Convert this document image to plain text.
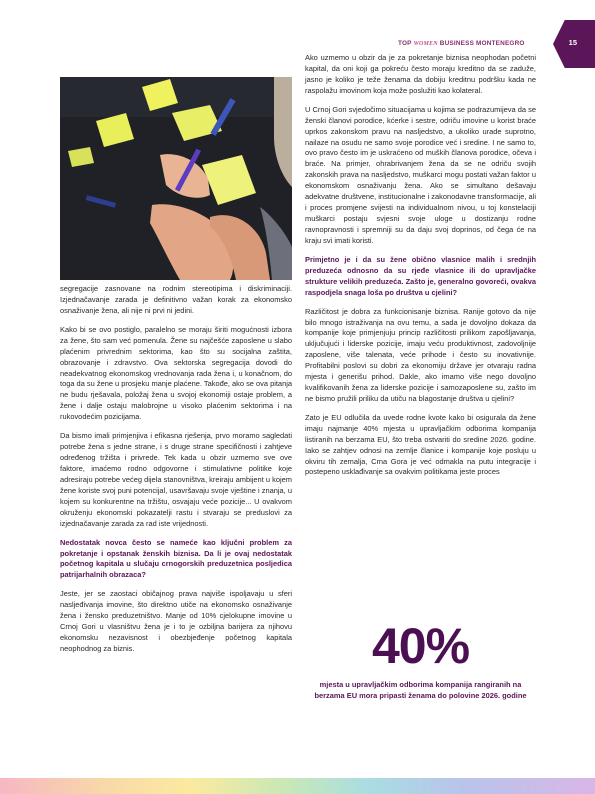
15
TOP WOMEN BUSINESS MONTENEGRO

segregacije zasnovane na rodnim stereotipima i diskriminaciji. Izjednačavanje zarada je definitivno važan korak za ekonomsko osnaživanje žena, ali nije ni prvi ni jedini.

Kako bi se ovo postiglo, paralelno se moraju širiti mogućnosti izbora za žene, što sam već pomenula. Žene su najčešće zaposlene u slabo plaćenim privrednim sektorima, kao što su socijalna zaštita, obrazovanje i zdravstvo. Ova sektorska segregacija dovodi do neadekvatnog ekonomskog vrednovanja rada žena i, u konačnom, do toga da su žene u prosjeku manje plaćene. Takođe, ako se ova pitanja ne budu rješavala, položaj žena u svojoj ekonomiji ostaje problem, a žene i dalje ostaju malobrojne u visoko plaćenim sektorima i na rukovodećim pozicijama.

Da bismo imali primjenjiva i efikasna rješenja, prvo moramo sagledati potrebe žena s jedne strane, i s druge strane specifičnosti i zahtjeve određenog tržišta i privrede. Tek kada u obzir uzmemo sve ove faktore, imaćemo rodno odgovorne i stimulativne politike koje adresiraju potrebe većeg dijela stanovništva, kreiraju ambijent u kojem žene koriste svoj puni potencijal, usavršavaju svoje vještine i znanja, u kojem su konkurentne na tržištu, osvajaju veće pozicije... U ovakvom okruženju ekonomski pokazatelji rastu i stvaraju se preduslovi za izjednačavanje zarada za rad iste vrijednosti.

Nedostatak novca često se nameće kao ključni problem za pokretanje i opstanak ženskih biznisa. Da li je ovaj nedostatak početnog kapitala u slučaju crnogorskih preduzetnica posljedica patrijarhalnih obrazaca?

Jeste, jer se zaostaci običajnog prava najviše ispoljavaju u sferi nasljeđivanja imovine, što direktno utiče na ekonomsko osnaživanje žena i žensko preduzetništvo. Manje od 10% cjelokupne imovine u Crnoj Gori u vlasništvu žena je i to je ozbiljna barijera za njihovu ekonomsku nezavisnost i obezbjeđenje početnog kapitala neophodnog za biznis.

Ako uzmemo u obzir da je za pokretanje biznisa neophodan početni kapital, da oni koji ga pokreću često moraju kreditno da se zaduže, jasno je koliko je teže ženama da dobiju kreditnu podršku kada ne raspolažu imovinom koja može poslužiti kao kolateral.

U Crnoj Gori svjedočimo situacijama u kojima se podrazumijeva da se ženski članovi porodice, kćerke i sestre, odriču imovine u korist braće uprkos zakonskom pravu na nasljedstvo, a ukoliko urade suprotno, nailaze na osudu ne samo svoje porodice već i sredine. I ne samo to, ovo pravo često im je uskraćeno od muških članova porodice, očeva i braće. Na primjer, ohrabrivanjem žena da se ne odriču svojih zakonskih prava na nasljedstvo, muškarci mogu postati važan faktor u ekonomskom osnaživanju žena. Ako se simultano dešavaju adekvatne društvene, institucionalne i zakonodavne transformacije, ali i proces promjene svijesti na individualnom nivou, u toj konstelaciji muškarci postaju svjesni svoje uloge u dostizanju rodne ravnopravnosti i spremniji su da daju svoj doprinos, od čega će na kraju svi imati koristi.

Primjetno je i da su žene obično vlasnice malih i srednjih preduzeća odnosno da su rjeđe vlasnice ili do upravljačke strukture velikih preduzeća. Zašto je, generalno govoreći, ovakva raspodjela snaga loša po društva u cjelini?

Različitost je dobra za funkcionisanje biznisa. Ranije gotovo da nije bilo mnogo istraživanja na ovu temu, a sada je dovoljno dokaza da kompanije koje primjenjuju princip različitosti prilikom zapošljavanja, uključujući i liderske pozicije, imaju veću produktivnost, zadovoljnije zaposlene, više talenata, veće prihode i često su inovativnije. Profitabilni poslovi su dobri za ekonomiju države jer otvaraju radna mjesta i generišu prihod. Dakle, ako imamo više nego dovoljno kvalifikovanih žena za liderske pozicije i samozaposlene su, zašto im ne bismo pružili priliku da utiču na blagostanje društva u cjelini?

Zato je EU odlučila da uvede rodne kvote kako bi osigurala da žene imaju najmanje 40% mjesta u upravljačkim odborima kompanija listiranih na berzama EU, što treba ostvariti do sredine 2026. godine. Iako se zahtjev odnosi na zemlje članice i kompanije koje posluju u okviru tih zemalja, Crna Gora je već odmakla na putu integracije i postepeno usklađivanje sa ovakvim politikama jeste proces

40%
mjesta u upravljačkim odborima kompanija rangiranih na berzama EU mora pripasti ženama do polovine 2026. godine
